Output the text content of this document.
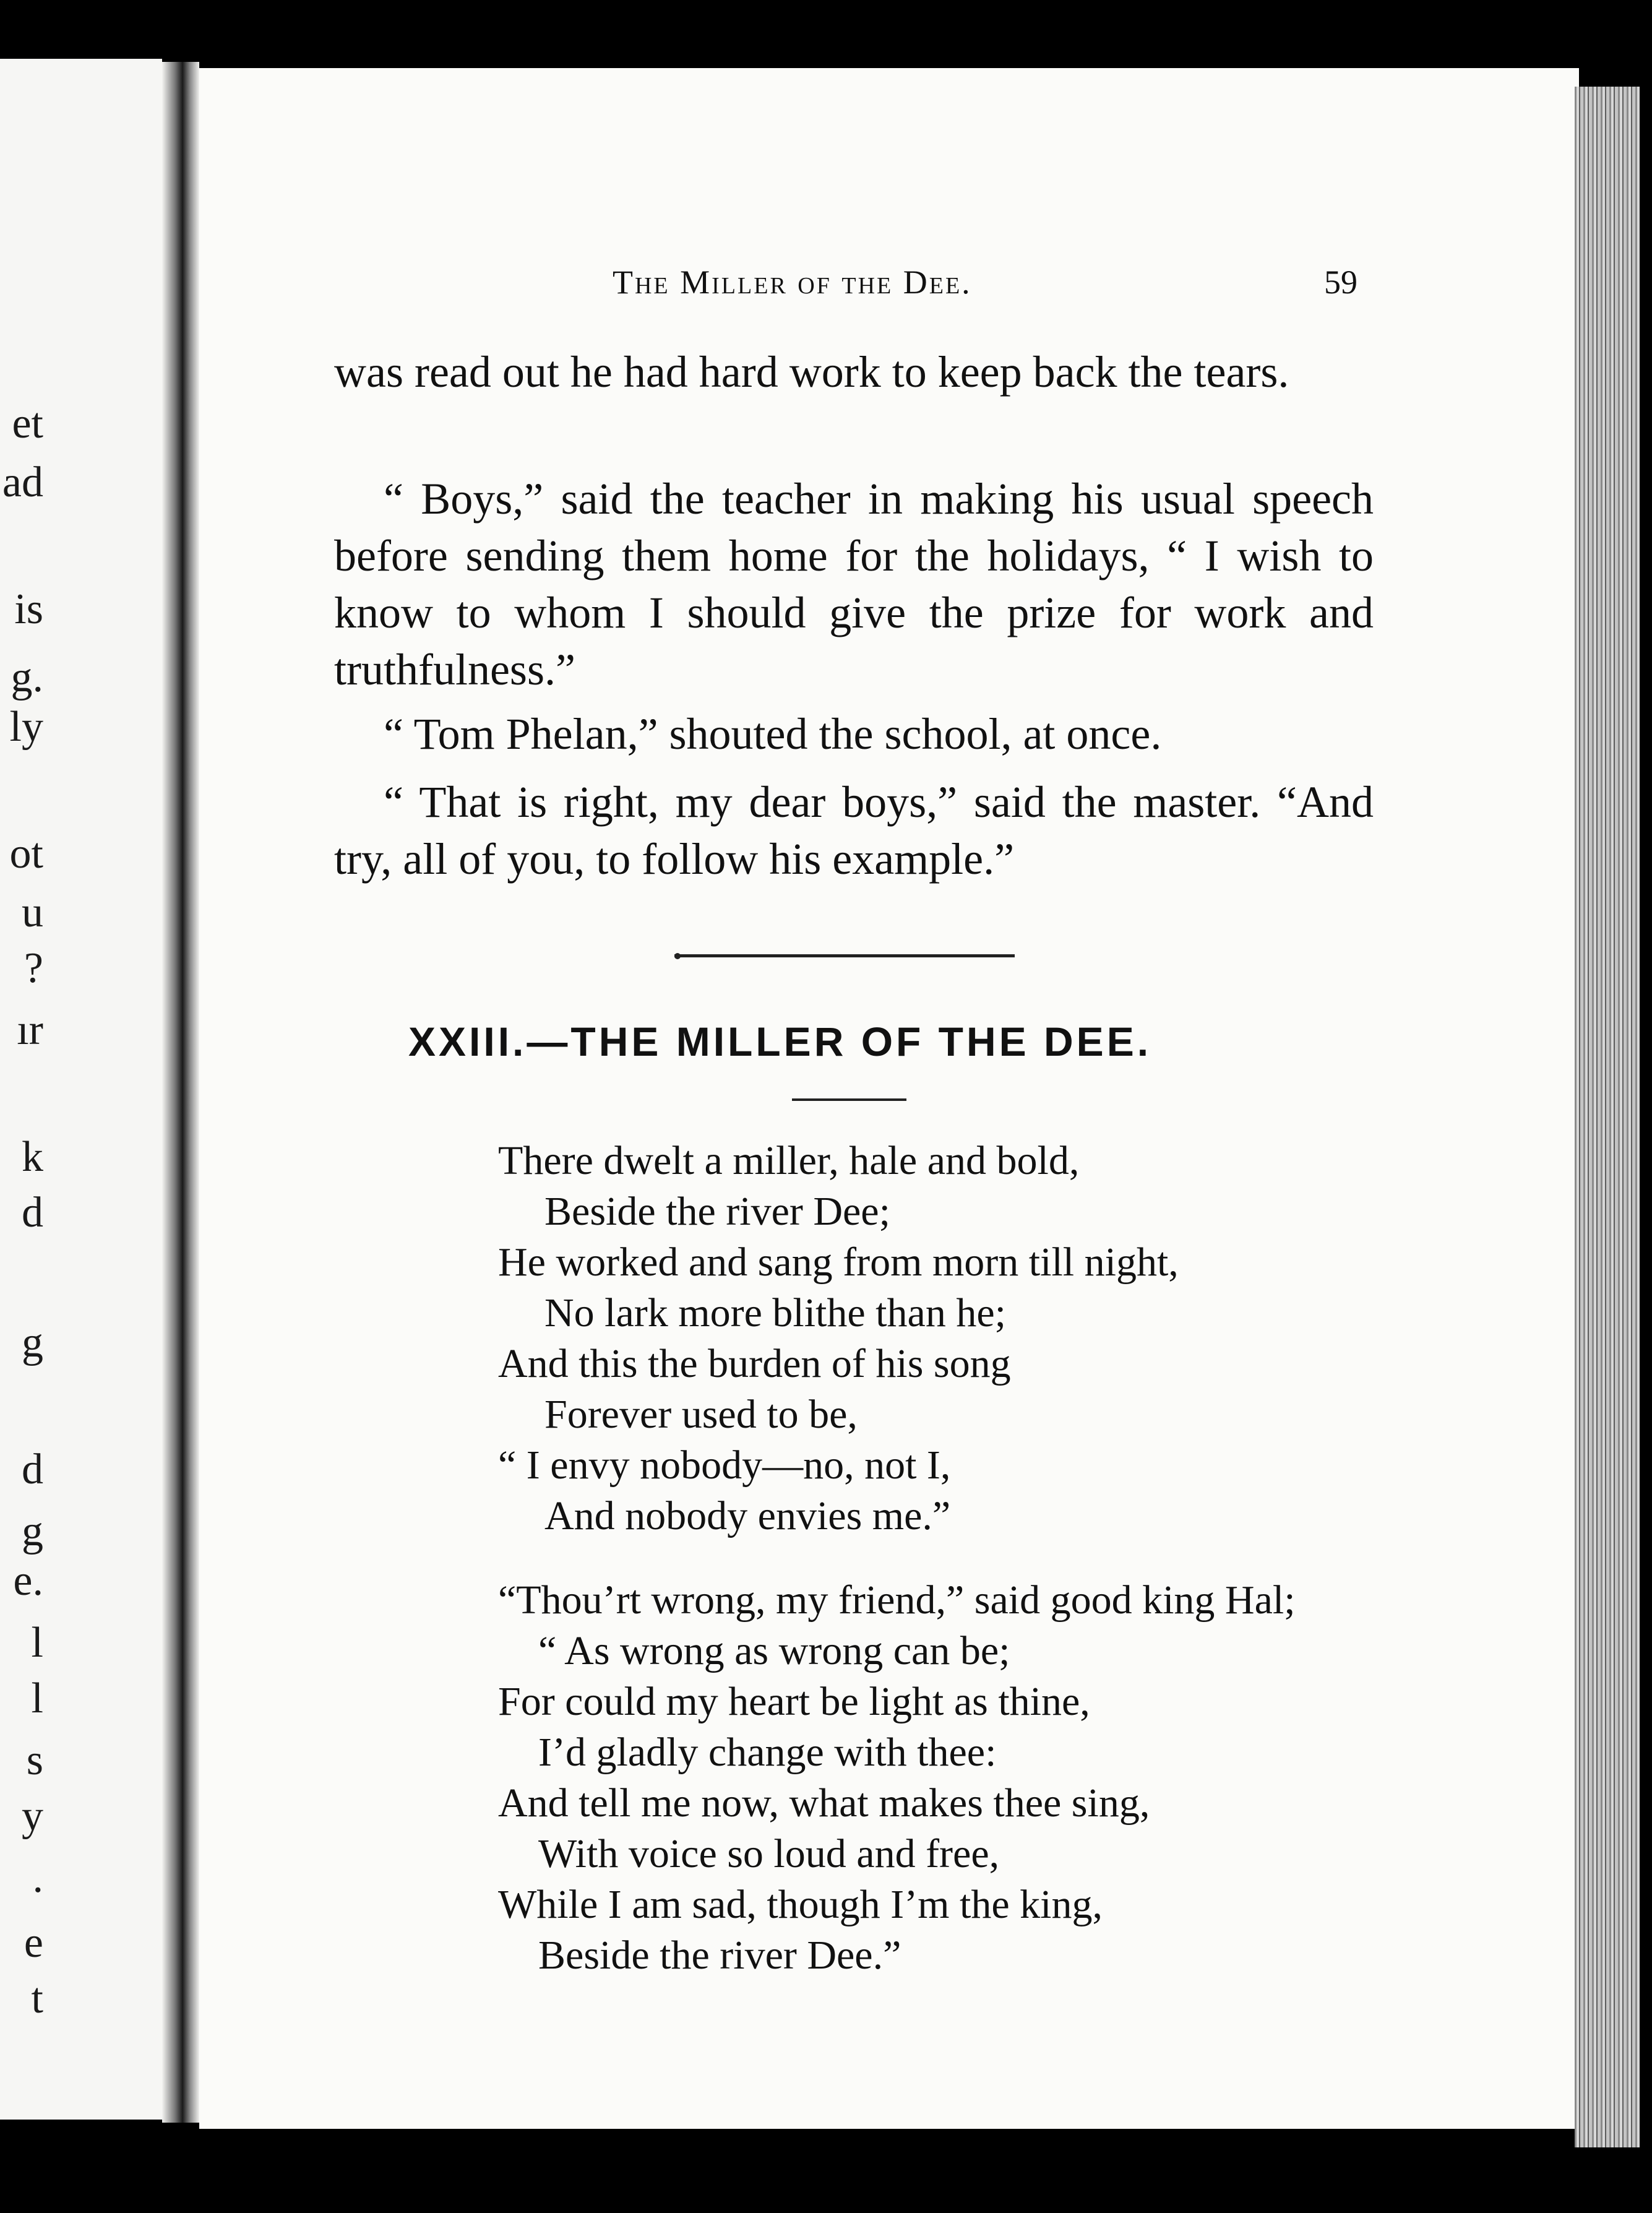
et
ad
is
g.
ly
ot
u
?
ır
k
d
g
d
g
e.
l
l
s
y
.
e
t
The Miller of the Dee.	59

was read out he had hard work to keep back the tears.

“ Boys,” said the teacher in making his usual speech before sending them home for the holidays, “ I wish to know to whom I should give the prize for work and truthfulness.”

“ Tom Phelan,” shouted the school, at once.

“ That is right, my dear boys,” said the master. “And try, all of you, to follow his example.”

XXIII.—THE MILLER OF THE DEE.
There dwelt a miller, hale and bold,
Beside the river Dee;
He worked and sang from morn till night,
No lark more blithe than he;
And this the burden of his song
Forever used to be,
“ I envy nobody—no, not I,
And nobody envies me.”
“Thou’rt wrong, my friend,” said good king Hal;
“ As wrong as wrong can be;
For could my heart be light as thine,
I’d gladly change with thee:
And tell me now, what makes thee sing,
With voice so loud and free,
While I am sad, though I’m the king,
Beside the river Dee.”
